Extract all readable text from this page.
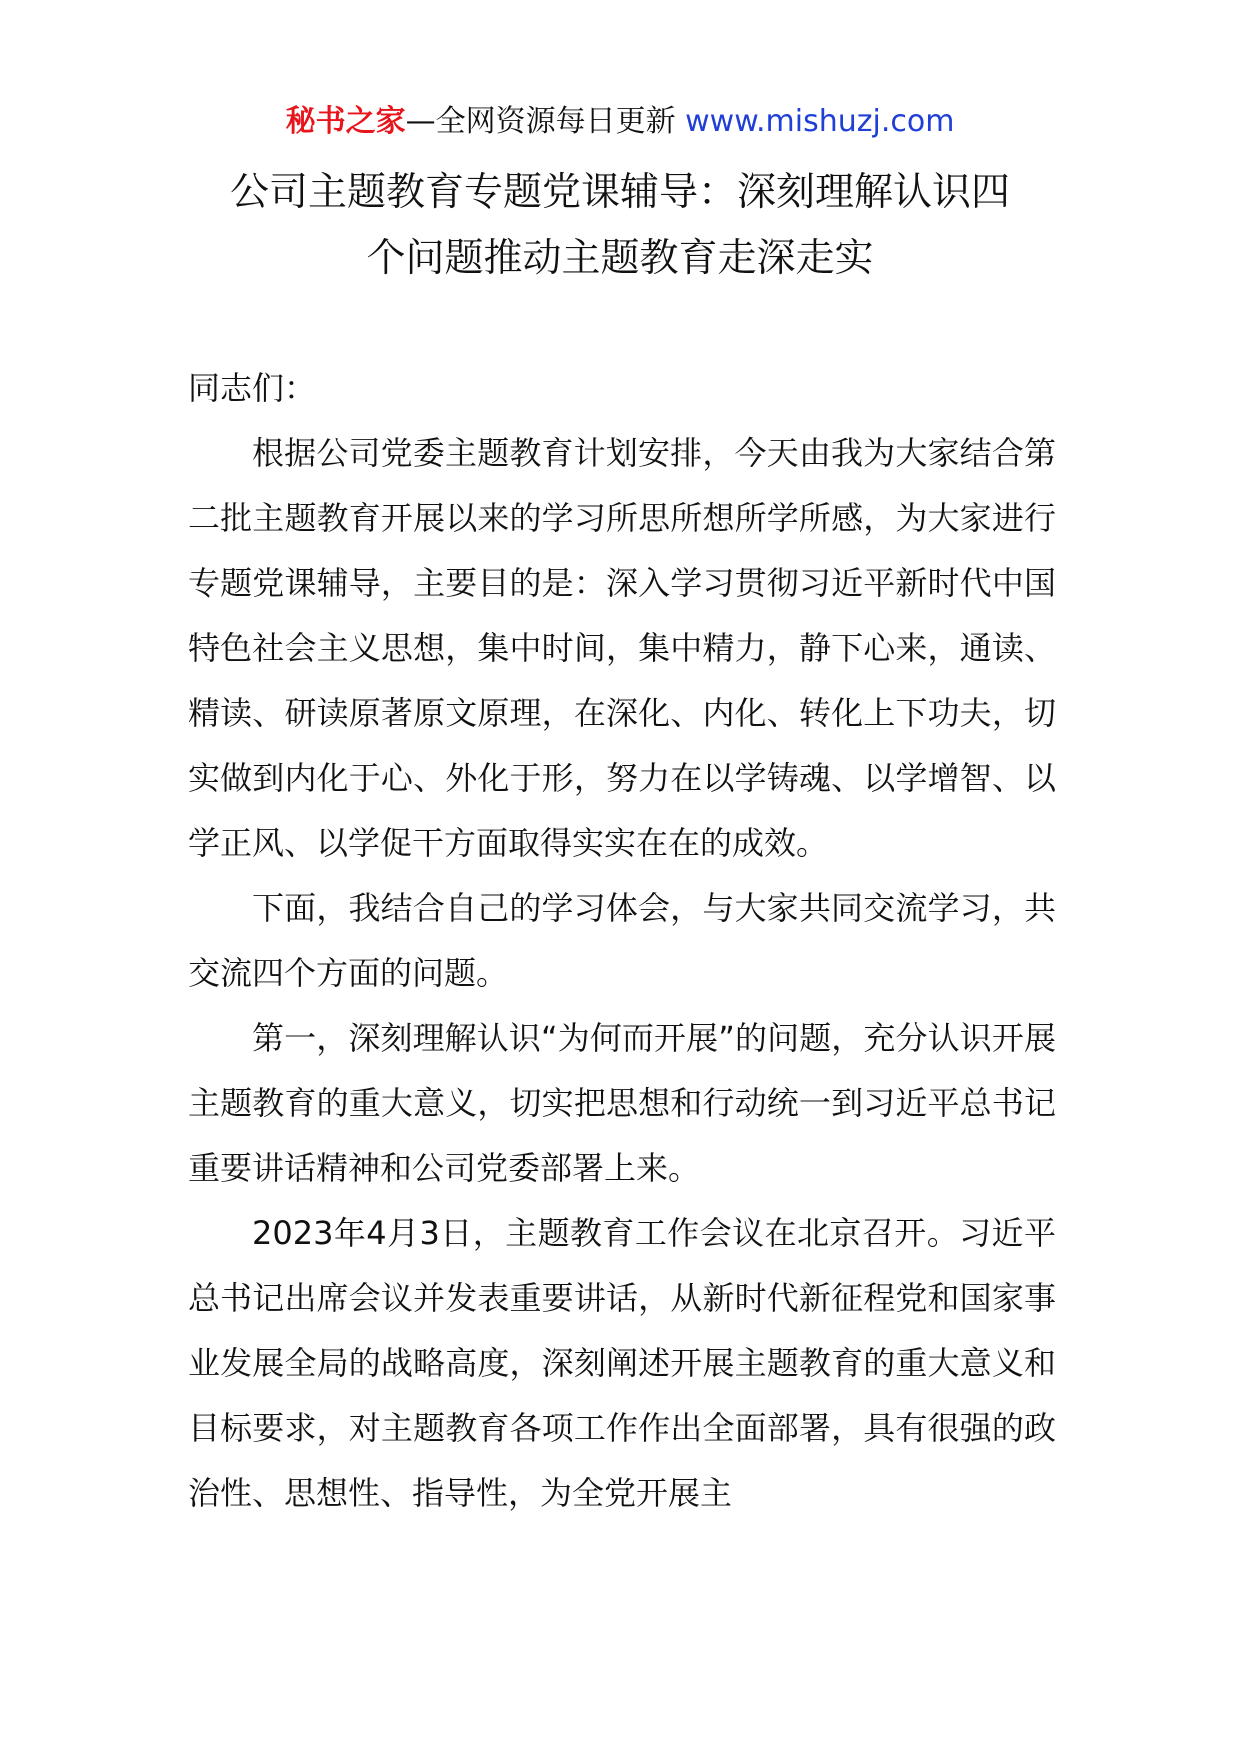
秘书之家—全网资源每日更新 www.mishuzj.com
公司主题教育专题党课辅导：深刻理解认识四
个问题推动主题教育走深走实

同志们：

根据公司党委主题教育计划安排，今天由我为大家结合第二批主题教育开展以来的学习所思所想所学所感，为大家进行专题党课辅导，主要目的是：深入学习贯彻习近平新时代中国特色社会主义思想，集中时间，集中精力，静下心来，通读、精读、研读原著原文原理，在深化、内化、转化上下功夫，切实做到内化于心、外化于形，努力在以学铸魂、以学增智、以学正风、以学促干方面取得实实在在的成效。

下面，我结合自己的学习体会，与大家共同交流学习，共交流四个方面的问题。

第一，深刻理解认识“为何而开展”的问题，充分认识开展主题教育的重大意义，切实把思想和行动统一到习近平总书记重要讲话精神和公司党委部署上来。

2023年4月3日，主题教育工作会议在北京召开。习近平总书记出席会议并发表重要讲话，从新时代新征程党和国家事业发展全局的战略高度，深刻阐述开展主题教育的重大意义和目标要求，对主题教育各项工作作出全面部署，具有很强的政治性、思想性、指导性，为全党开展主
